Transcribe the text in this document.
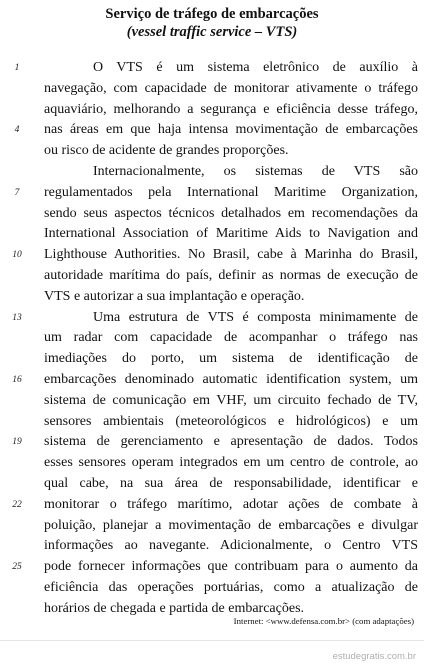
Serviço de tráfego de embarcações
(vessel traffic service – VTS)
O VTS é um sistema eletrônico de auxílio à
navegação, com capacidade de monitorar ativamente o tráfego
aquaviário, melhorando a segurança e eficiência desse tráfego,
nas áreas em que haja intensa movimentação de embarcações
ou risco de acidente de grandes proporções.
Internacionalmente, os sistemas de VTS são
regulamentados pela International Maritime Organization,
sendo seus aspectos técnicos detalhados em recomendações da
International Association of Maritime Aids to Navigation and
Lighthouse Authorities. No Brasil, cabe à Marinha do Brasil,
autoridade marítima do país, definir as normas de execução de
VTS e autorizar a sua implantação e operação.
Uma estrutura de VTS é composta minimamente de
um radar com capacidade de acompanhar o tráfego nas
imediações do porto, um sistema de identificação de
embarcações denominado automatic identification system, um
sistema de comunicação em VHF, um circuito fechado de TV,
sensores ambientais (meteorológicos e hidrológicos) e um
sistema de gerenciamento e apresentação de dados. Todos
esses sensores operam integrados em um centro de controle, ao
qual cabe, na sua área de responsabilidade, identificar e
monitorar o tráfego marítimo, adotar ações de combate à
poluição, planejar a movimentação de embarcações e divulgar
informações ao navegante. Adicionalmente, o Centro VTS
pode fornecer informações que contribuam para o aumento da
eficiência das operações portuárias, como a atualização de
horários de chegada e partida de embarcações.
1
4
7
10
13
16
19
22
25
Internet: <www.defensa.com.br> (com adaptações)
estudegratis.com.br
